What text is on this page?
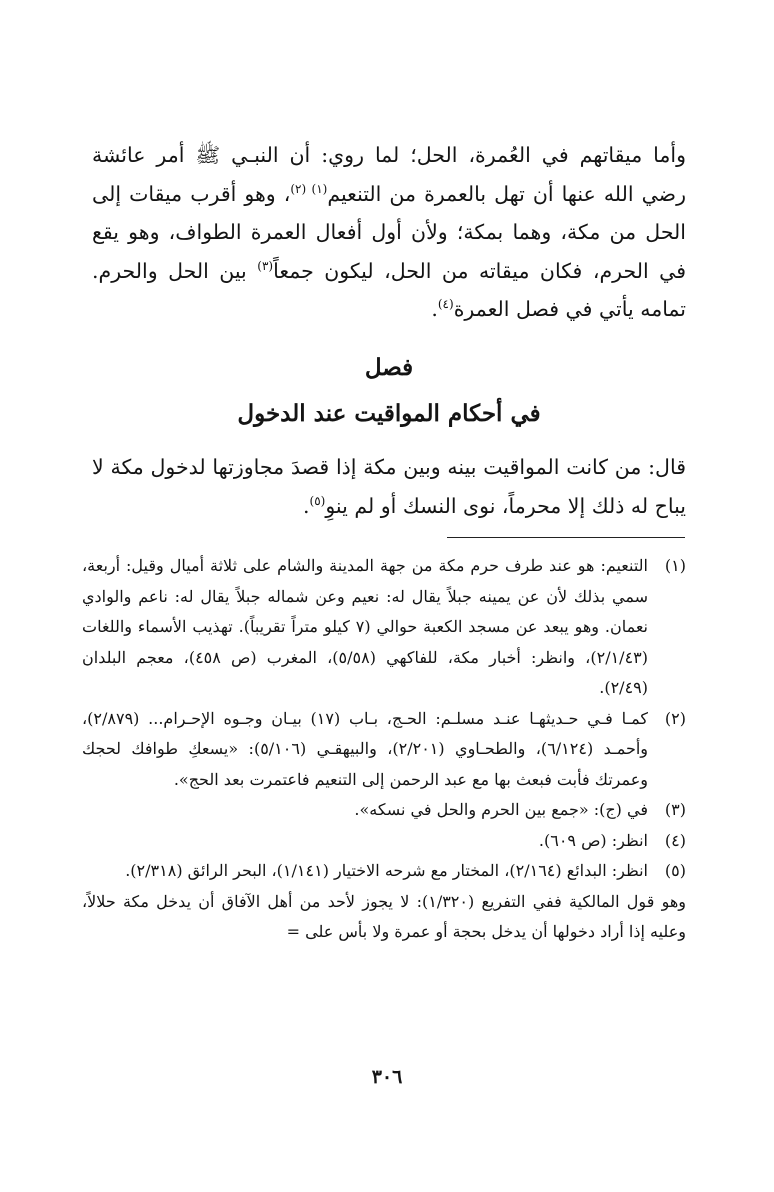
وأما ميقاتهم في العُمرة، الحل؛ لما روي: أن النبـي ﷺ أمر عائشة رضي الله عنها أن تهل بالعمرة من التنعيم$^{(١) (٢)}$، وهو أقرب ميقات إلى الحل من مكة، وهما بمكة؛ ولأن أول أفعال العمرة الطواف، وهو يقع في الحرم، فكان ميقاته من الحل، ليكون جمعاً$^{(٣)}$ بين الحل والحرم. تمامه يأتي في فصل العمرة$^{(٤)}$.

فصل
في أحكام المواقيت عند الدخول

قال: من كانت المواقيت بينه وبين مكة إذا قصدَ مجاوزتها لدخول مكة لا يباح له ذلك إلا محرماً، نوى النسك أو لم ينوِ$^{(٥)}$.

(١)
التنعيم: هو عند طرف حرم مكة من جهة المدينة والشام على ثلاثة أميال وقيل: أربعة، سمي بذلك لأن عن يمينه جبلاً يقال له: نعيم وعن شماله جبلاً يقال له: ناعم والوادي نعمان. وهو يبعد عن مسجد الكعبة حوالي (٧ كيلو متراً تقريباً). تهذيب الأسماء واللغات (٢/١/٤٣)، وانظر: أخبار مكة، للفاكهي (٥/٥٨)، المغرب (ص ٤٥٨)، معجم البلدان (٢/٤٩).
(٢)
كمـا فـي حـديثهـا عنـد مسلـم: الحـج، بـاب (١٧) بيـان وجـوه الإحـرام... (٢/٨٧٩)، وأحمـد (٦/١٢٤)، والطحـاوي (٢/٢٠١)، والبيهقـي (٥/١٠٦): «يسعكِ طوافك لحجك وعمرتك فأبت فبعث بها مع عبد الرحمن إلى التنعيم فاعتمرت بعد الحج».
(٣)
في (ج): «جمع بين الحرم والحل في نسكه».
(٤)
انظر: (ص ٦٠٩).
(٥)
انظر: البدائع (٢/١٦٤)، المختار مع شرحه الاختيار (١/١٤١)، البحر الرائق (٢/٣١٨).
وهو قول المالكية ففي التفريع (١/٣٢٠): لا يجوز لأحد من أهل الآفاق أن يدخل مكة حلالاً، وعليه إذا أراد دخولها أن يدخل بحجة أو عمرة ولا بأس على =
٣٠٦
